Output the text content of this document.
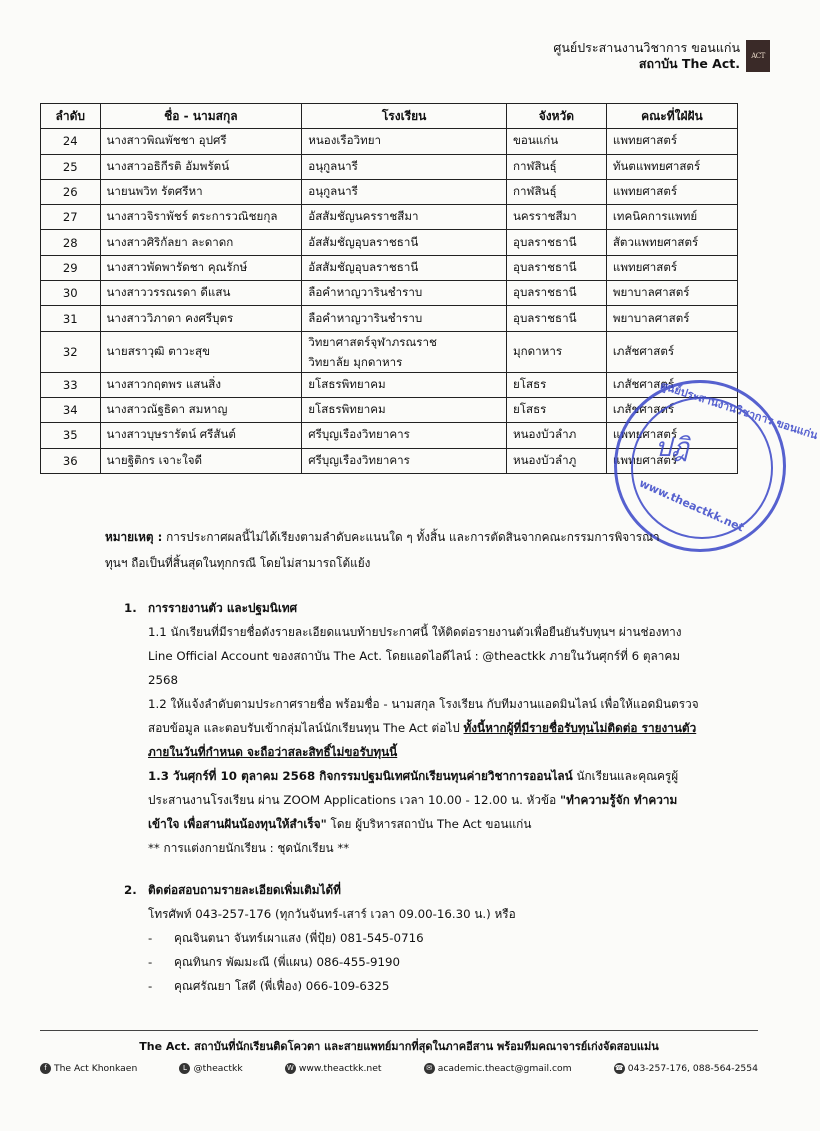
ศูนย์ประสานงานวิชาการ ขอนแก่น
สถาบัน The Act.	ACT
ลำดับ	ชื่อ - นามสกุล	โรงเรียน	จังหวัด	คณะที่ใฝ่ฝัน
24	นางสาวพิณพัชชา อุปศรี	หนองเรือวิทยา	ขอนแก่น	แพทยศาสตร์
25	นางสาวอธิกีรติ อัมพรัตน์	อนุกูลนารี	กาฬสินธุ์	ทันตแพทยศาสตร์
26	นายนพวิท รัตศรีหา	อนุกูลนารี	กาฬสินธุ์	แพทยศาสตร์
27	นางสาวจิราพัชร์ ตระการวณิชยกุล	อัสสัมชัญนครราชสีมา	นครราชสีมา	เทคนิคการแพทย์
28	นางสาวศิริกัลยา ละดาดก	อัสสัมชัญอุบลราชธานี	อุบลราชธานี	สัตวแพทยศาสตร์
29	นางสาวพัดพารัดชา คุณรักษ์	อัสสัมชัญอุบลราชธานี	อุบลราชธานี	แพทยศาสตร์
30	นางสาววรรณรดา ดีแสน	ลือคำหาญวารินชำราบ	อุบลราชธานี	พยาบาลศาสตร์
31	นางสาววิภาดา คงศรีบุตร	ลือคำหาญวารินชำราบ	อุบลราชธานี	พยาบาลศาสตร์
32	นายสราวุฒิ ตาวะสุข	วิทยาศาสตร์จุฬาภรณราช
วิทยาลัย มุกดาหาร	มุกดาหาร	เภสัชศาสตร์
33	นางสาวกฤตพร แสนสิ่ง	ยโสธรพิทยาคม	ยโสธร	เภสัชศาสตร์
34	นางสาวณัฐธิดา สมหาญ	ยโสธรพิทยาคม	ยโสธร	เภสัชศาสตร์
35	นางสาวบุษรารัตน์ ศรีสันต์	ศรีบุญเรืองวิทยาคาร	หนองบัวลำภ	แพทยศาสตร์
36	นายฐิติกร เจาะใจดี	ศรีบุญเรืองวิทยาคาร	หนองบัวลำภู	แพทยศาสตร์
ศูนย์ประสานงานวิชาการ ขอนแก่น
ปฎิ
www.theactkk.net
หมายเหตุ : การประกาศผลนี้ไม่ได้เรียงตามลำดับคะแนนใด ๆ ทั้งสิ้น และการตัดสินจากคณะกรรมการพิจารณาทุนฯ ถือเป็นที่สิ้นสุดในทุกกรณี โดยไม่สามารถโต้แย้ง
1. การรายงานตัว และปฐมนิเทศ
1.1 นักเรียนที่มีรายชื่อดังรายละเอียดแนบท้ายประกาศนี้ ให้ติดต่อรายงานตัวเพื่อยืนยันรับทุนฯ ผ่านช่องทาง Line Official Account ของสถาบัน The Act. โดยแอดไอดีไลน์ : @theactkk ภายในวันศุกร์ที่ 6 ตุลาคม 2568
1.2 ให้แจ้งลำดับตามประกาศรายชื่อ พร้อมชื่อ - นามสกุล โรงเรียน กับทีมงานแอดมินไลน์ เพื่อให้แอดมินตรวจสอบข้อมูล และตอบรับเข้ากลุ่มไลน์นักเรียนทุน The Act ต่อไป ทั้งนี้หากผู้ที่มีรายชื่อรับทุนไม่ติดต่อ รายงานตัวภายในวันที่กำหนด จะถือว่าสละสิทธิ์ไม่ขอรับทุนนี้
1.3 วันศุกร์ที่ 10 ตุลาคม 2568 กิจกรรมปฐมนิเทศนักเรียนทุนค่ายวิชาการออนไลน์ นักเรียนและคุณครูผู้ประสานงานโรงเรียน ผ่าน ZOOM Applications เวลา 10.00 - 12.00 น. หัวข้อ "ทำความรู้จัก ทำความเข้าใจ เพื่อสานฝันน้องทุนให้สำเร็จ" โดย ผู้บริหารสถาบัน The Act ขอนแก่น
** การแต่งกายนักเรียน : ชุดนักเรียน **
2. ติดต่อสอบถามรายละเอียดเพิ่มเติมได้ที่
โทรศัพท์ 043-257-176 (ทุกวันจันทร์-เสาร์ เวลา 09.00-16.30 น.) หรือ
- คุณจินตนา จันทร์เผาแสง (พี่ปุ้ย) 081-545-0716
- คุณทินกร พัฒมะณี (พี่แผน) 086-455-9190
- คุณศรัณยา โสดี (พี่เฟื่อง) 066-109-6325
The Act. สถาบันที่นักเรียนติดโควตา และสายแพทย์มากที่สุดในภาคอีสาน พร้อมทีมคณาจารย์เก่งจัดสอบแม่น
f The Act Khonkaen	L @theactkk	W www.theactkk.net	✉ academic.theact@gmail.com	☎ 043-257-176, 088-564-2554
